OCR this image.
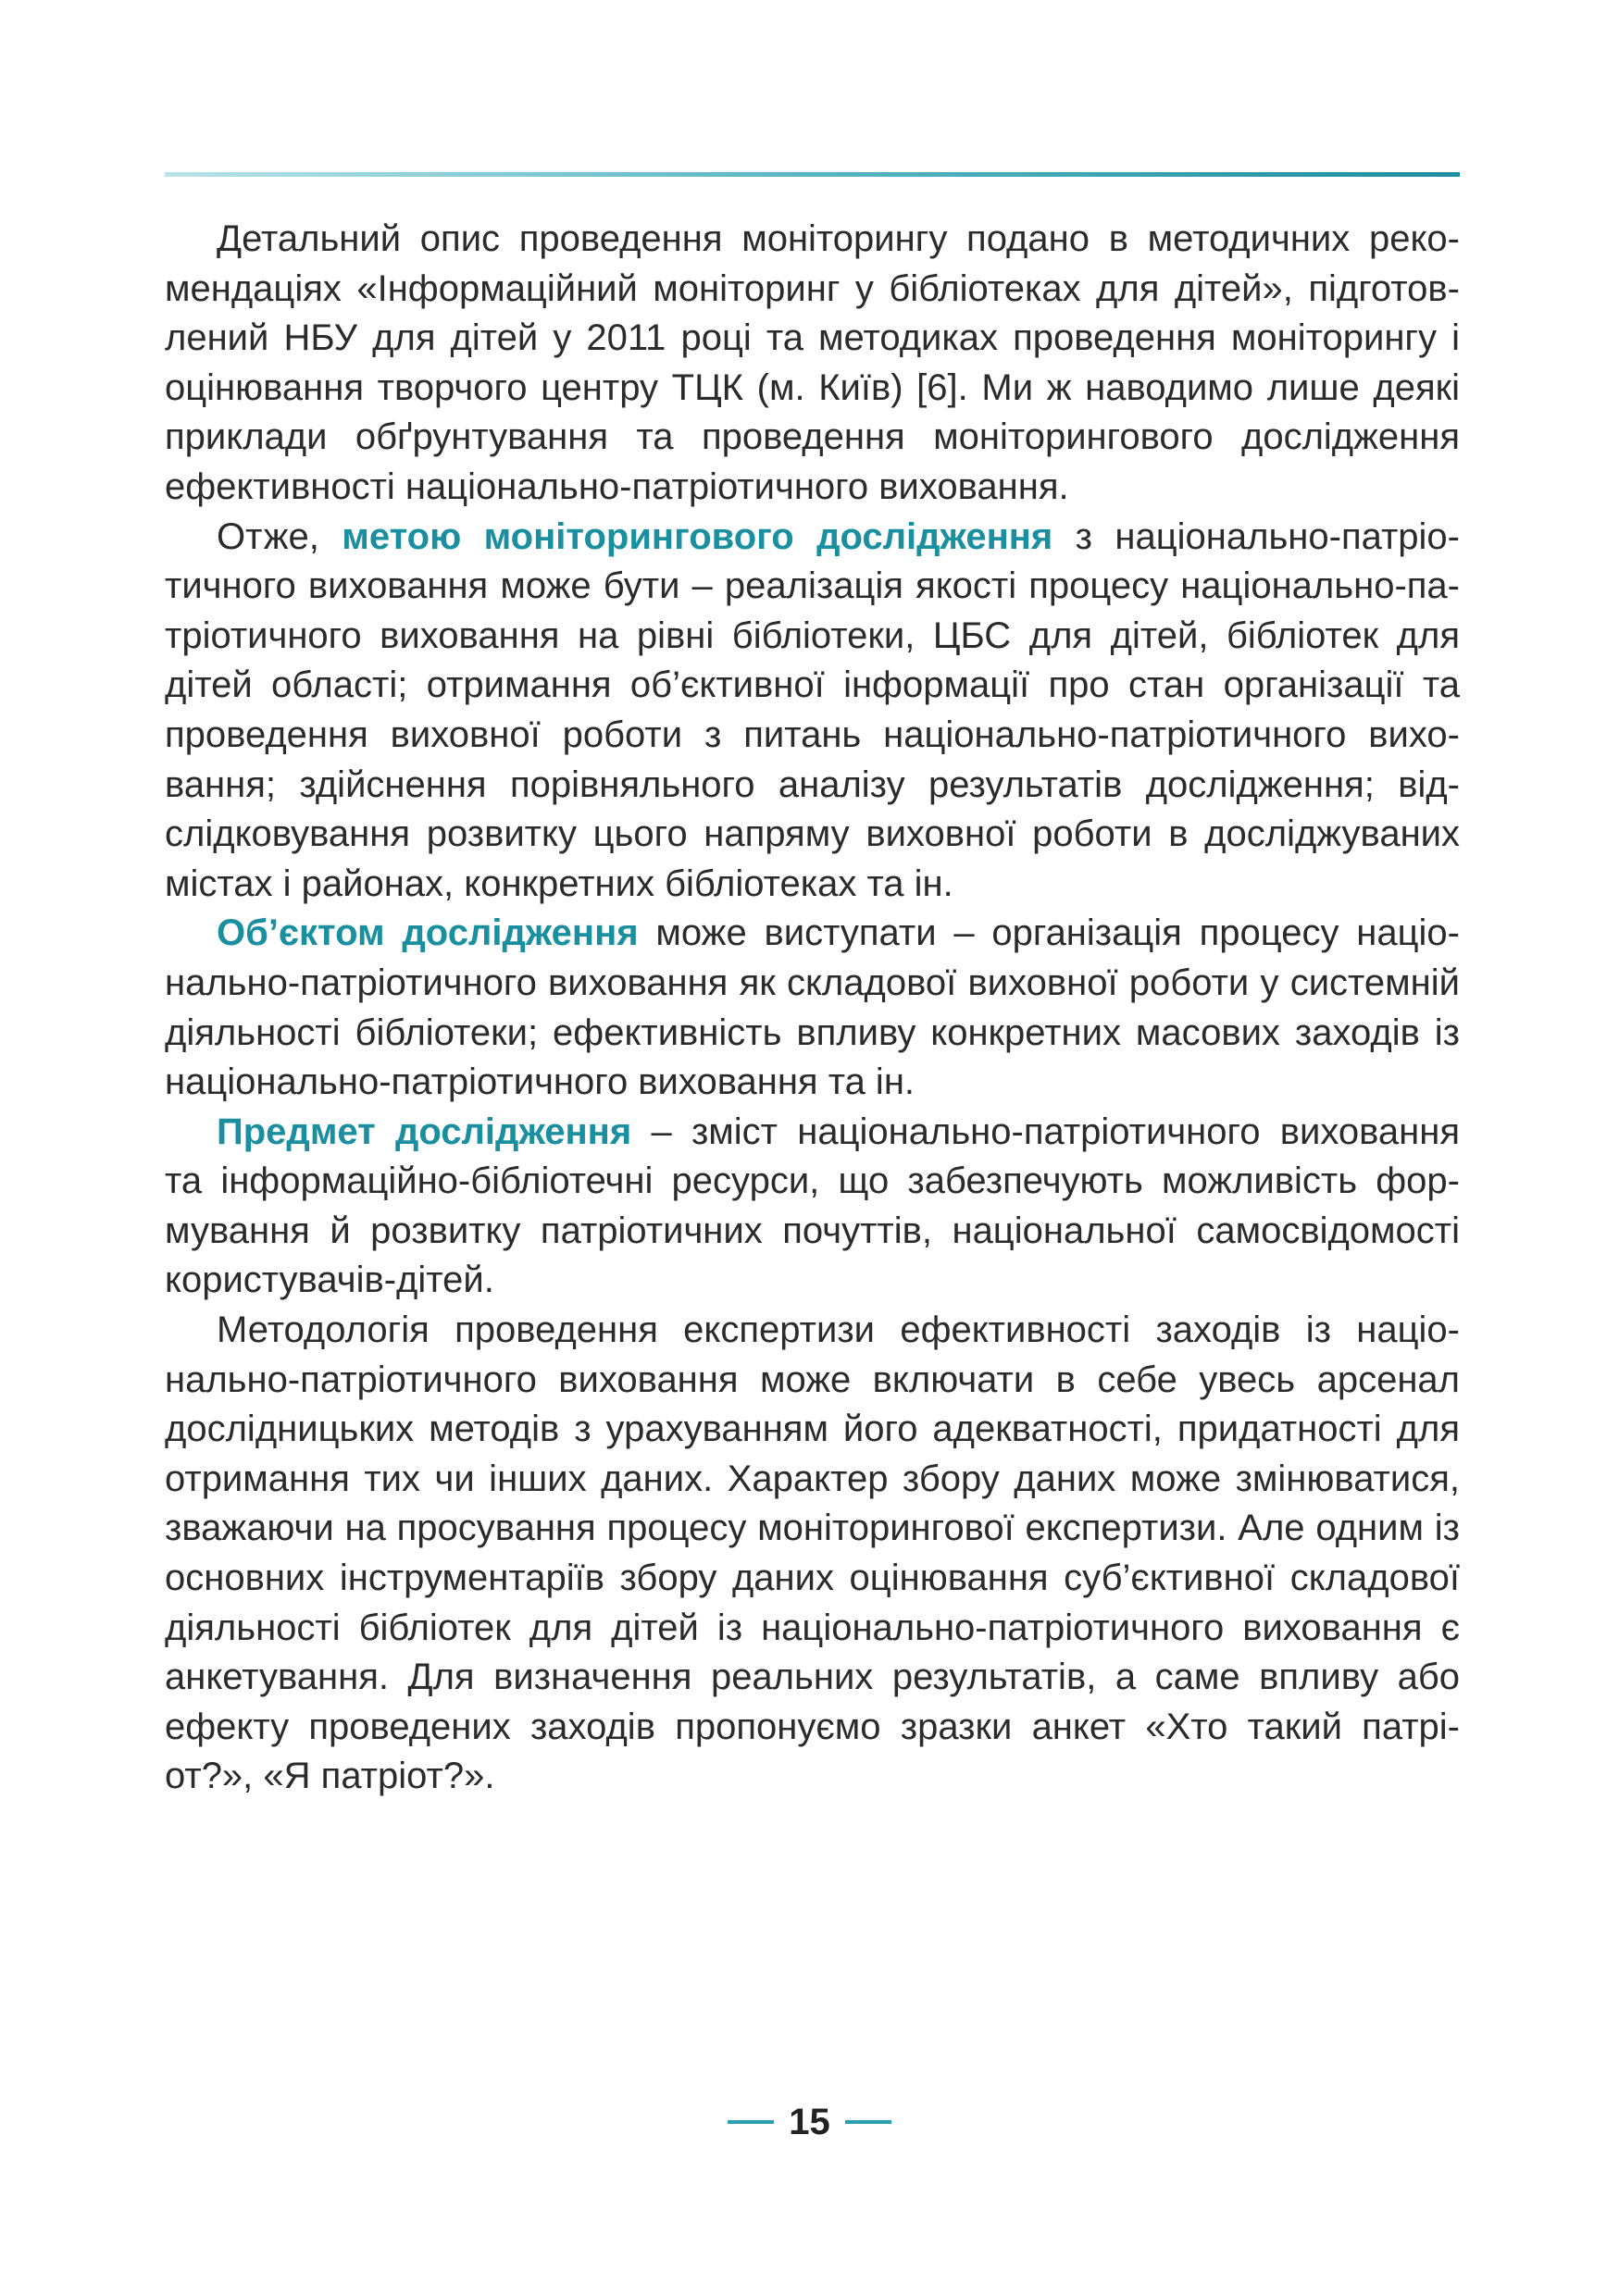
Детальний опис проведення моніторингу подано в методичних рекомендаціях «Інформаційний моніторинг у бібліотеках для дітей», підготовлений НБУ для дітей у 2011 році та методиках проведення моніторингу і оцінювання творчого центру ТЦК (м. Київ) [6]. Ми ж наводимо лише деякі приклади обґрунтування та проведення моніторингового дослідження ефективності національно-патріотичного виховання.

Отже, метою моніторингового дослідження з національно-патріотичного виховання може бути – реалізація якості процесу національно-патріотичного виховання на рівні бібліотеки, ЦБС для дітей, бібліотек для дітей області; отримання об’єктивної інформації про стан організації та проведення виховної роботи з питань національно-патріотичного виховання; здійснення порівняльного аналізу результатів дослідження; відслідковування розвитку цього напряму виховної роботи в досліджуваних містах і районах, конкретних бібліотеках та ін.

Об’єктом дослідження може виступати – організація процесу національно-патріотичного виховання як складової виховної роботи у системній діяльності бібліотеки; ефективність впливу конкретних масових заходів із національно-патріотичного виховання та ін.

Предмет дослідження – зміст національно-патріотичного виховання та інформаційно-бібліотечні ресурси, що забезпечують можливість формування й розвитку патріотичних почуттів, національної самосвідомості користувачів-дітей.

Методологія проведення експертизи ефективності заходів із національно-патріотичного виховання може включати в себе увесь арсенал дослідницьких методів з урахуванням його адекватності, придатності для отримання тих чи інших даних. Характер збору даних може змінюватися, зважаючи на просування процесу моніторингової експертизи. Але одним із основних інструментаріїв збору даних оцінювання суб’єктивної складової діяльності бібліотек для дітей із національно-патріотичного виховання є анкетування. Для визначення реальних результатів, а саме впливу або ефекту проведених заходів пропонуємо зразки анкет «Хто такий патріот?», «Я патріот?».

15
